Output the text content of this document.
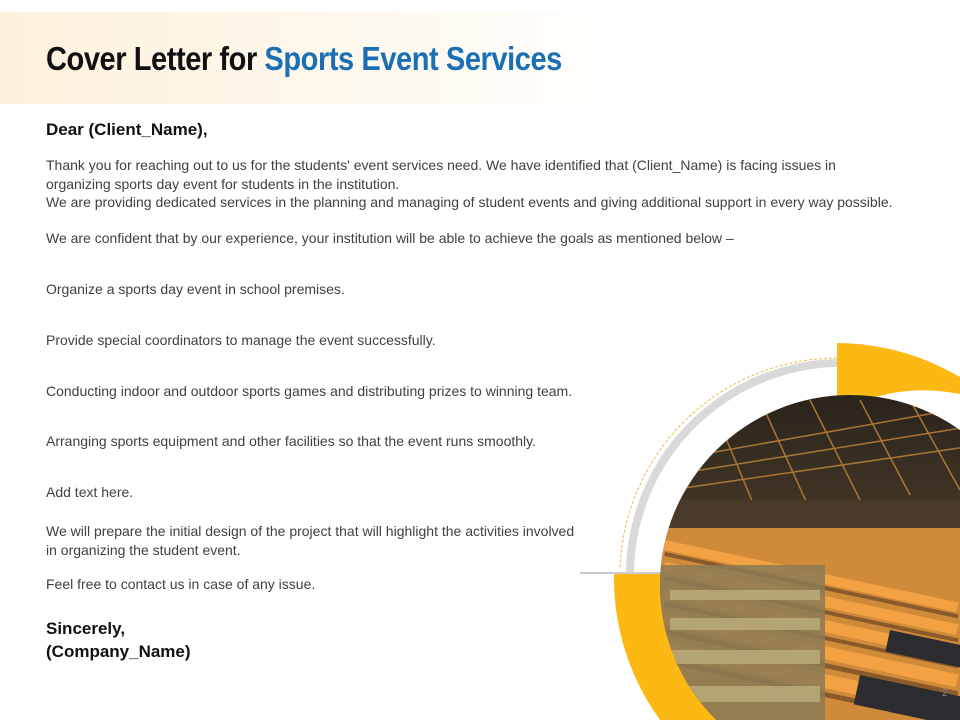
Cover Letter for Sports Event Services
Dear (Client_Name),

Thank you for reaching out to us for the students' event services need. We have identified that (Client_Name) is facing issues in
organizing sports day event for students in the institution.
We are providing dedicated services in the planning and managing of student events and giving additional support in every way possible.

We are confident that by our experience, your institution will be able to achieve the goals as mentioned below –

Organize a sports day event in school premises.
Provide special coordinators to manage the event successfully.
Conducting indoor and outdoor sports games and distributing prizes to winning team.
Arranging sports equipment and other facilities so that the event runs smoothly.
Add text here.

We will prepare the initial design of the project that will highlight the activities involved
in organizing the student event.

Feel free to contact us in case of any issue.

Sincerely,
(Company_Name)
2
